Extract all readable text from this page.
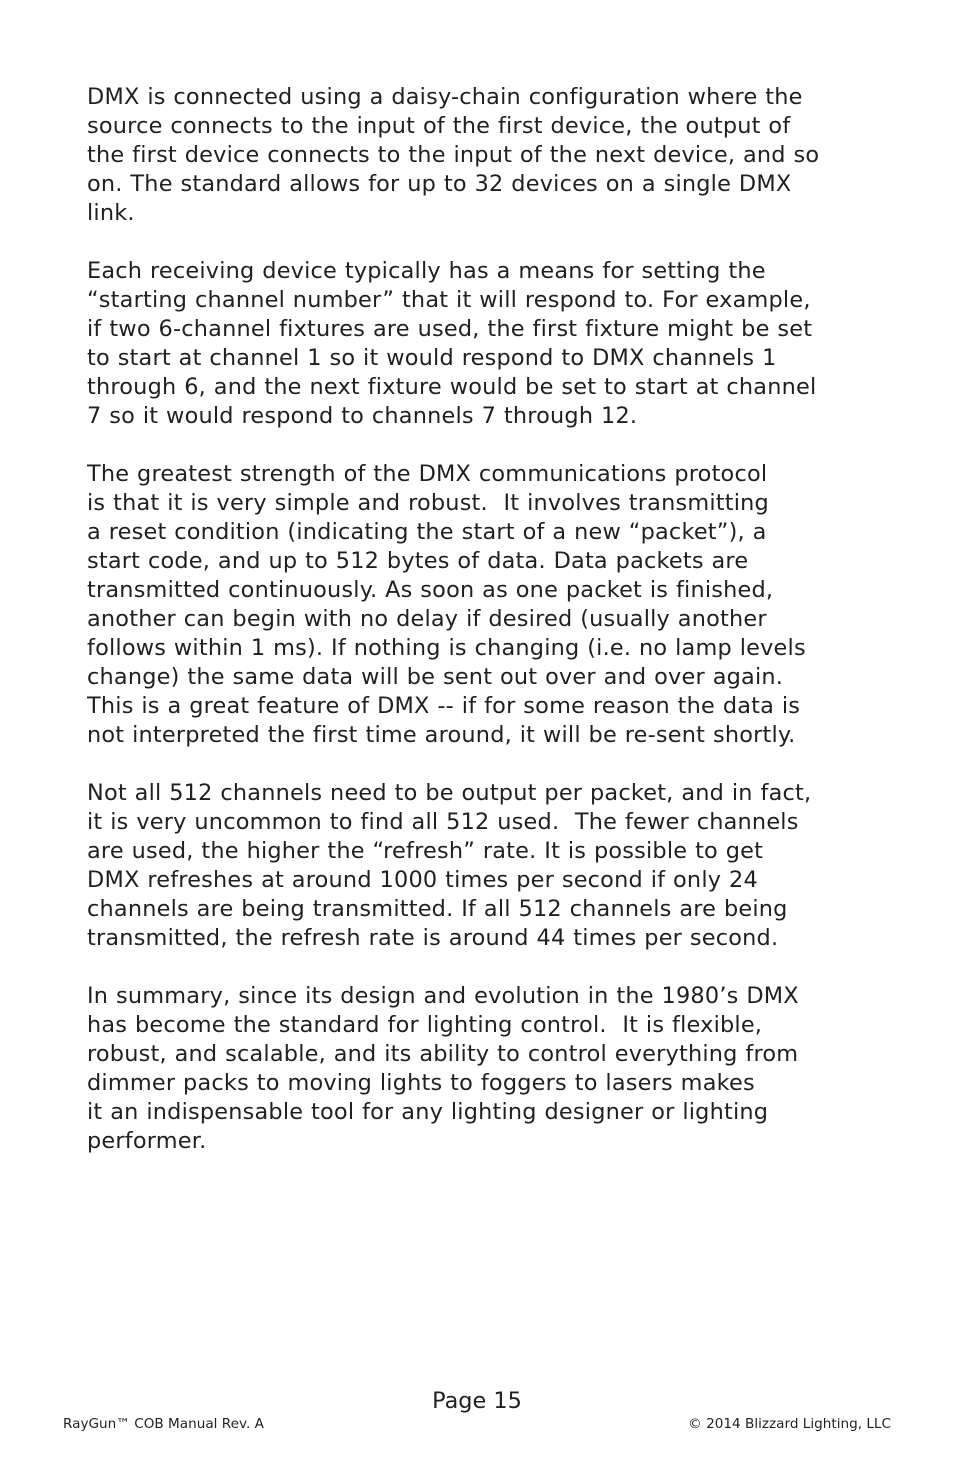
DMX is connected using a daisy-chain configuration where the
source connects to the input of the first device, the output of
the first device connects to the input of the next device, and so
on. The standard allows for up to 32 devices on a single DMX
link.

Each receiving device typically has a means for setting the
“starting channel number” that it will respond to. For example,
if two 6-channel fixtures are used, the first fixture might be set
to start at channel 1 so it would respond to DMX channels 1
through 6, and the next fixture would be set to start at channel
7 so it would respond to channels 7 through 12.

The greatest strength of the DMX communications protocol
is that it is very simple and robust.  It involves transmitting
a reset condition (indicating the start of a new “packet”), a
start code, and up to 512 bytes of data. Data packets are
transmitted continuously. As soon as one packet is finished,
another can begin with no delay if desired (usually another
follows within 1 ms). If nothing is changing (i.e. no lamp levels
change) the same data will be sent out over and over again.
This is a great feature of DMX -- if for some reason the data is
not interpreted the first time around, it will be re-sent shortly.

Not all 512 channels need to be output per packet, and in fact,
it is very uncommon to find all 512 used.  The fewer channels
are used, the higher the “refresh” rate. It is possible to get
DMX refreshes at around 1000 times per second if only 24
channels are being transmitted. If all 512 channels are being
transmitted, the refresh rate is around 44 times per second.

In summary, since its design and evolution in the 1980’s DMX
has become the standard for lighting control.  It is flexible,
robust, and scalable, and its ability to control everything from
dimmer packs to moving lights to foggers to lasers makes
it an indispensable tool for any lighting designer or lighting
performer.

Page 15
RayGun™ COB Manual Rev. A	© 2014 Blizzard Lighting, LLC
